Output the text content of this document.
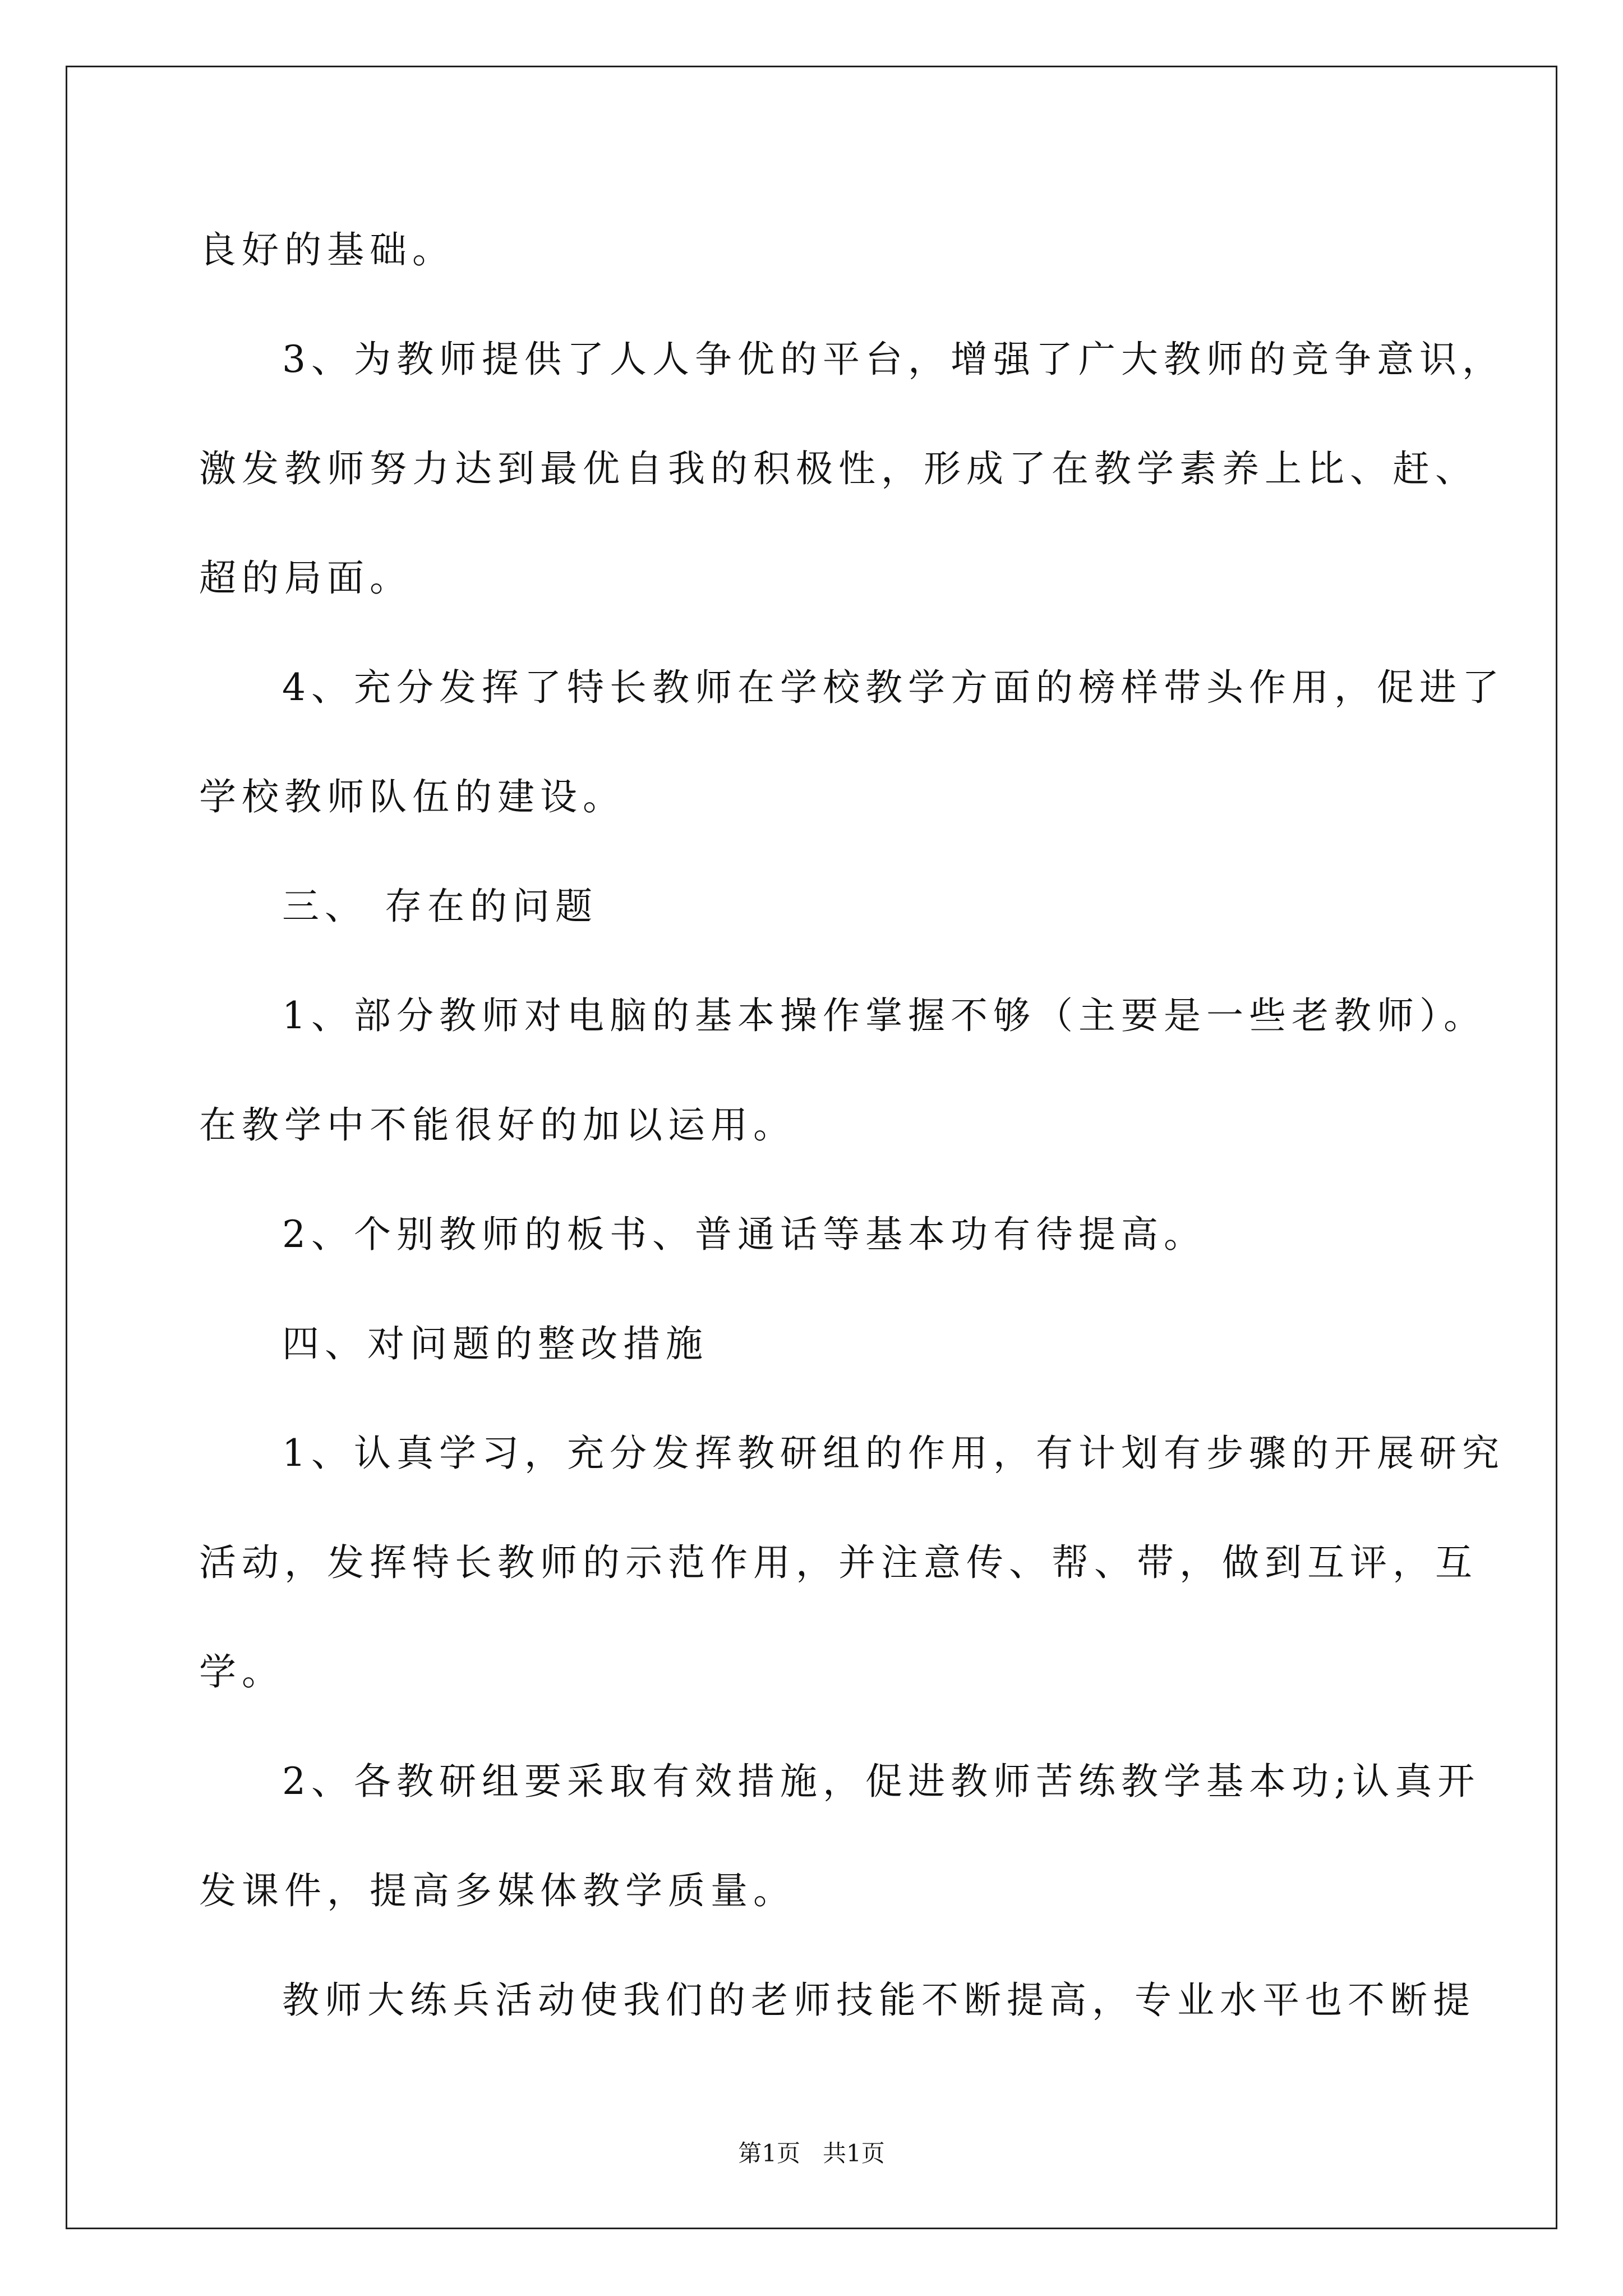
良好的基础。
3、为教师提供了人人争优的平台，增强了广大教师的竞争意识，
激发教师努力达到最优自我的积极性，形成了在教学素养上比、赶、
超的局面。
4、充分发挥了特长教师在学校教学方面的榜样带头作用，促进了
学校教师队伍的建设。
三、 存在的问题
1、部分教师对电脑的基本操作掌握不够（主要是一些老教师）。
在教学中不能很好的加以运用。
2、个别教师的板书、普通话等基本功有待提高。
四、对问题的整改措施
1、认真学习，充分发挥教研组的作用，有计划有步骤的开展研究
活动，发挥特长教师的示范作用，并注意传、帮、带，做到互评，互
学。
2、各教研组要采取有效措施，促进教师苦练教学基本功;认真开
发课件，提高多媒体教学质量。
教师大练兵活动使我们的老师技能不断提高，专业水平也不断提
第1页   共1页
